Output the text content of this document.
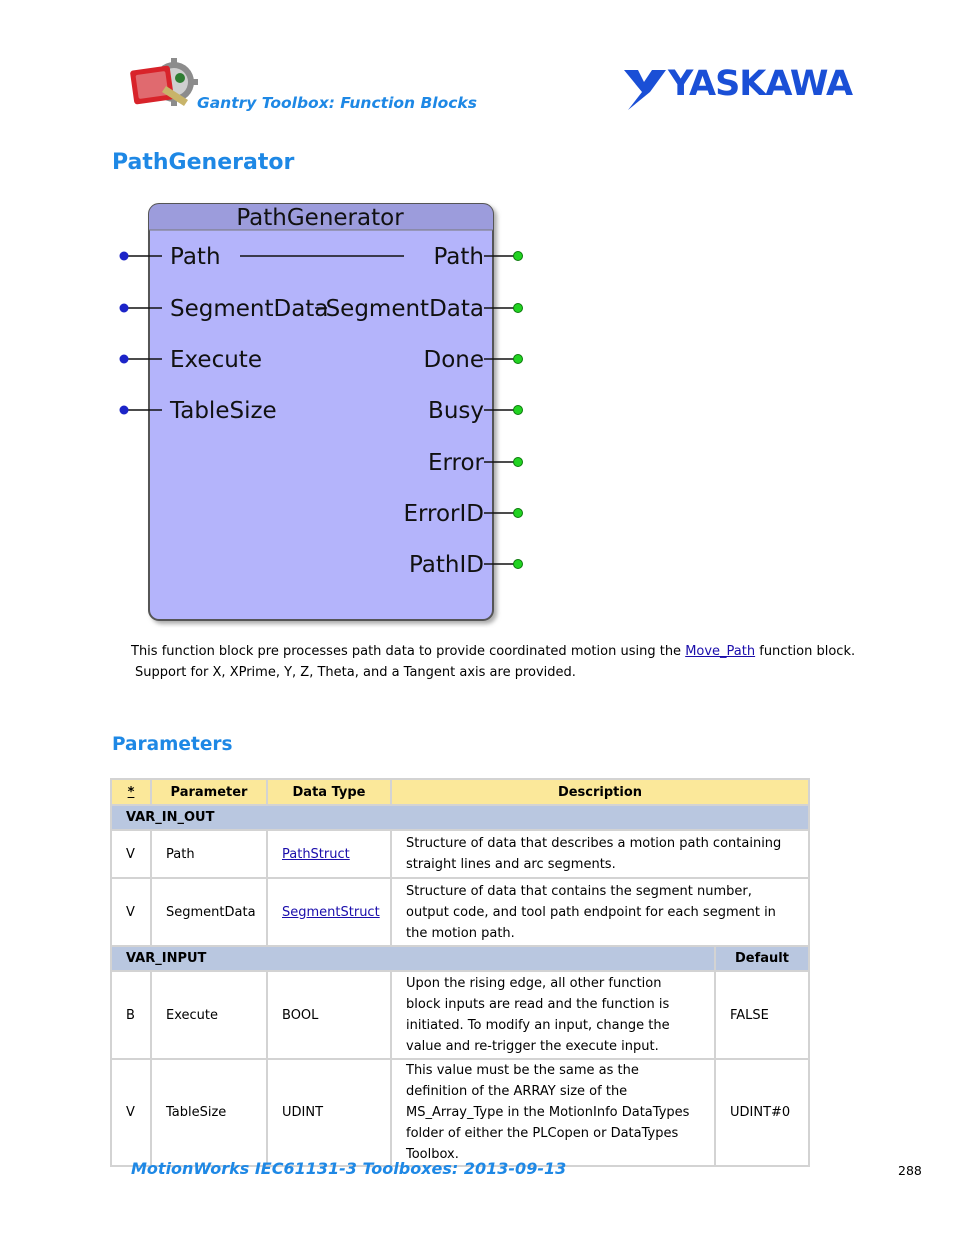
Gantry Toolbox: Function Blocks	YASKAWA
PathGenerator
PathGenerator
Path
SegmentData
Execute
TableSize
Path
SegmentData
Done
Busy
Error
ErrorID
PathID
This function block pre processes path data to provide coordinated motion using the Move_Path function block.
Support for X, XPrime, Y, Z, Theta, and a Tangent axis are provided.
Parameters
*	Parameter	Data Type	Description	
VAR_IN_OUT				
V	Path	PathStruct	Structure of data that describes a motion path containing straight lines and arc segments.	
V	SegmentData	SegmentStruct	Structure of data that contains the segment number, output code, and tool path endpoint for each segment in the motion path.	
VAR_INPUT				Default
B	Execute	BOOL	Upon the rising edge, all other function block inputs are read and the function is initiated. To modify an input, change the value and re-trigger the execute input.	FALSE
V	TableSize	UDINT	This value must be the same as the definition of the ARRAY size of the MS_Array_Type in the MotionInfo DataTypes folder of either the PLCopen or DataTypes Toolbox.	UDINT#0
MotionWorks IEC61131-3 Toolboxes: 2013-09-13	288
